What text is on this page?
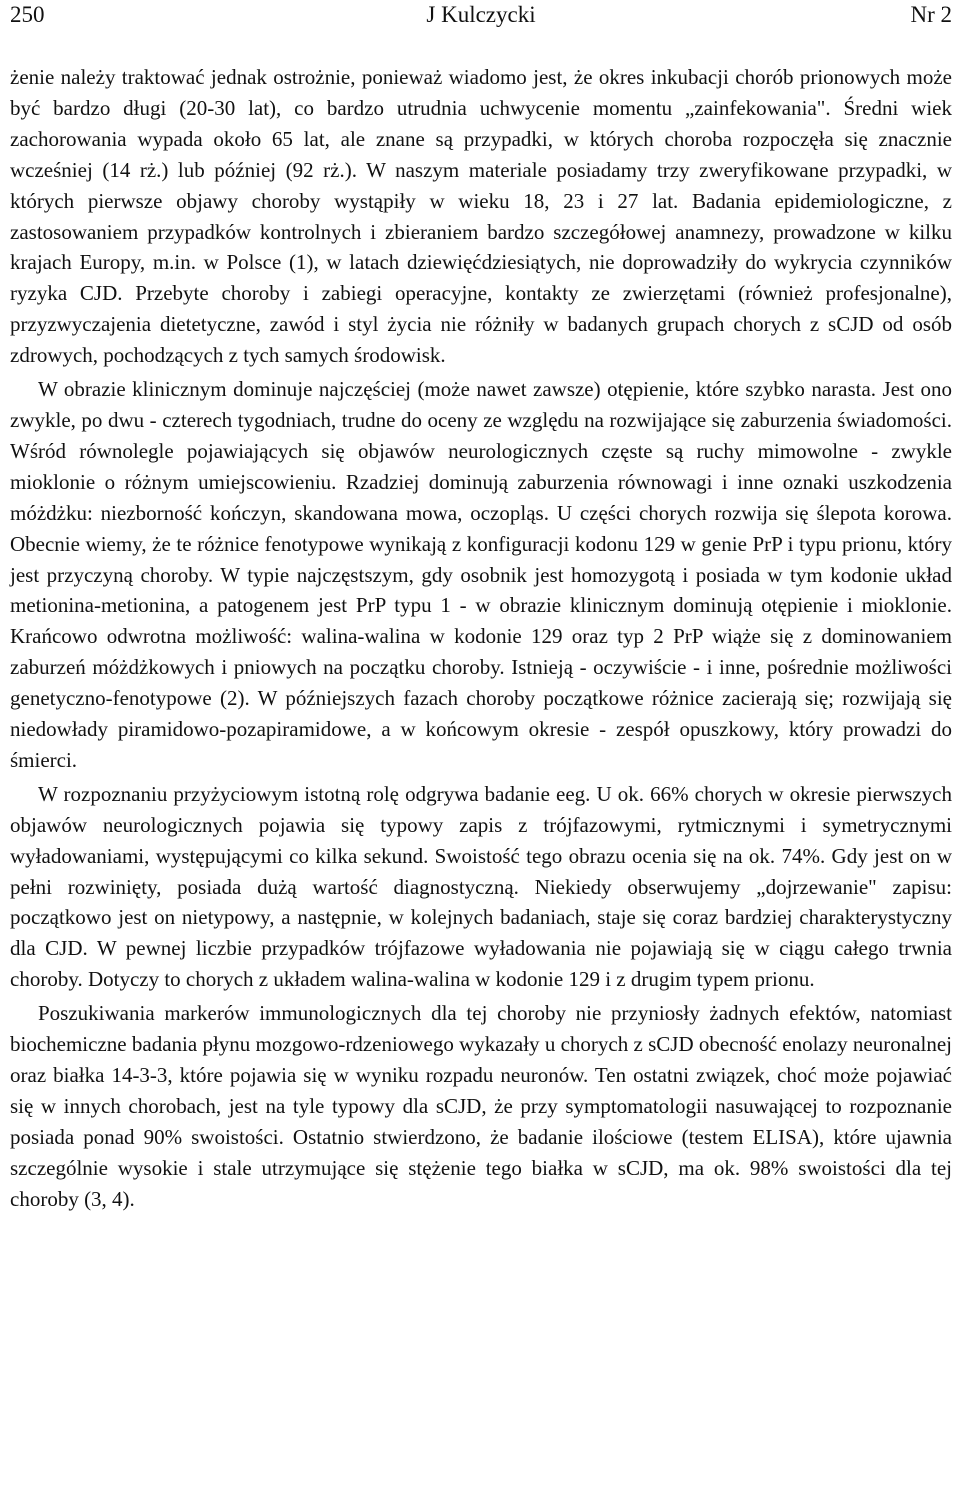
J Kulczycki
250	Nr 2

żenie należy traktować jednak ostrożnie, ponieważ wiadomo jest, że okres inkubacji chorób prionowych może być bardzo długi (20-30 lat), co bardzo utrudnia uchwycenie momentu „zainfekowania". Średni wiek zachorowania wypada około 65 lat, ale znane są przypadki, w których choroba rozpoczęła się znacznie wcześniej (14 rż.) lub później (92 rż.). W naszym materiale posiadamy trzy zweryfikowane przypadki, w których pierwsze objawy choroby wystąpiły w wieku 18, 23 i 27 lat. Badania epidemiologiczne, z zastosowaniem przypadków kontrolnych i zbieraniem bardzo szczegółowej anamnezy, prowadzone w kilku krajach Europy, m.in. w Polsce (1), w latach dziewięćdziesiątych, nie doprowadziły do wykrycia czynników ryzyka CJD. Przebyte choroby i zabiegi operacyjne, kontakty ze zwierzętami (również profesjonalne), przyzwyczajenia dietetyczne, zawód i styl życia nie różniły w badanych grupach chorych z sCJD od osób zdrowych, pochodzących z tych samych środowisk.

W obrazie klinicznym dominuje najczęściej (może nawet zawsze) otępienie, które szybko narasta. Jest ono zwykle, po dwu - czterech tygodniach, trudne do oceny ze względu na rozwijające się zaburzenia świadomości. Wśród równolegle pojawiających się objawów neurologicznych częste są ruchy mimowolne - zwykle mioklonie o różnym umiejscowieniu. Rzadziej dominują zaburzenia równowagi i inne oznaki uszkodzenia móżdżku: niezborność kończyn, skandowana mowa, oczopląs. U części chorych rozwija się ślepota korowa. Obecnie wiemy, że te różnice fenotypowe wynikają z konfiguracji kodonu 129 w genie PrP i typu prionu, który jest przyczyną choroby. W typie najczęstszym, gdy osobnik jest homozygotą i posiada w tym kodonie układ metionina-metionina, a patogenem jest PrP typu 1 - w obrazie klinicznym dominują otępienie i mioklonie. Krańcowo odwrotna możliwość: walina-walina w kodonie 129 oraz typ 2 PrP wiąże się z dominowaniem zaburzeń móżdżkowych i pniowych na początku choroby. Istnieją - oczywiście - i inne, pośrednie możliwości genetyczno-fenotypowe (2). W późniejszych fazach choroby początkowe różnice zacierają się; rozwijają się niedowłady piramidowo-pozapiramidowe, a w końcowym okresie - zespół opuszkowy, który prowadzi do śmierci.

W rozpoznaniu przyżyciowym istotną rolę odgrywa badanie eeg. U ok. 66% chorych w okresie pierwszych objawów neurologicznych pojawia się typowy zapis z trójfazowymi, rytmicznymi i symetrycznymi wyładowaniami, występującymi co kilka sekund. Swoistość tego obrazu ocenia się na ok. 74%. Gdy jest on w pełni rozwinięty, posiada dużą wartość diagnostyczną. Niekiedy obserwujemy „dojrzewanie" zapisu: początkowo jest on nietypowy, a następnie, w kolejnych badaniach, staje się coraz bardziej charakterystyczny dla CJD. W pewnej liczbie przypadków trójfazowe wyładowania nie pojawiają się w ciągu całego trwnia choroby. Dotyczy to chorych z układem walina-walina w kodonie 129 i z drugim typem prionu.

Poszukiwania markerów immunologicznych dla tej choroby nie przyniosły żadnych efektów, natomiast biochemiczne badania płynu mozgowo-rdzeniowego wykazały u chorych z sCJD obecność enolazy neuronalnej oraz białka 14-3-3, które pojawia się w wyniku rozpadu neuronów. Ten ostatni związek, choć może pojawiać się w innych chorobach, jest na tyle typowy dla sCJD, że przy symptomatologii nasuwającej to rozpoznanie posiada ponad 90% swoistości. Ostatnio stwierdzono, że badanie ilościowe (testem ELISA), które ujawnia szczególnie wysokie i stale utrzymujące się stężenie tego białka w sCJD, ma ok. 98% swoistości dla tej choroby (3, 4).
